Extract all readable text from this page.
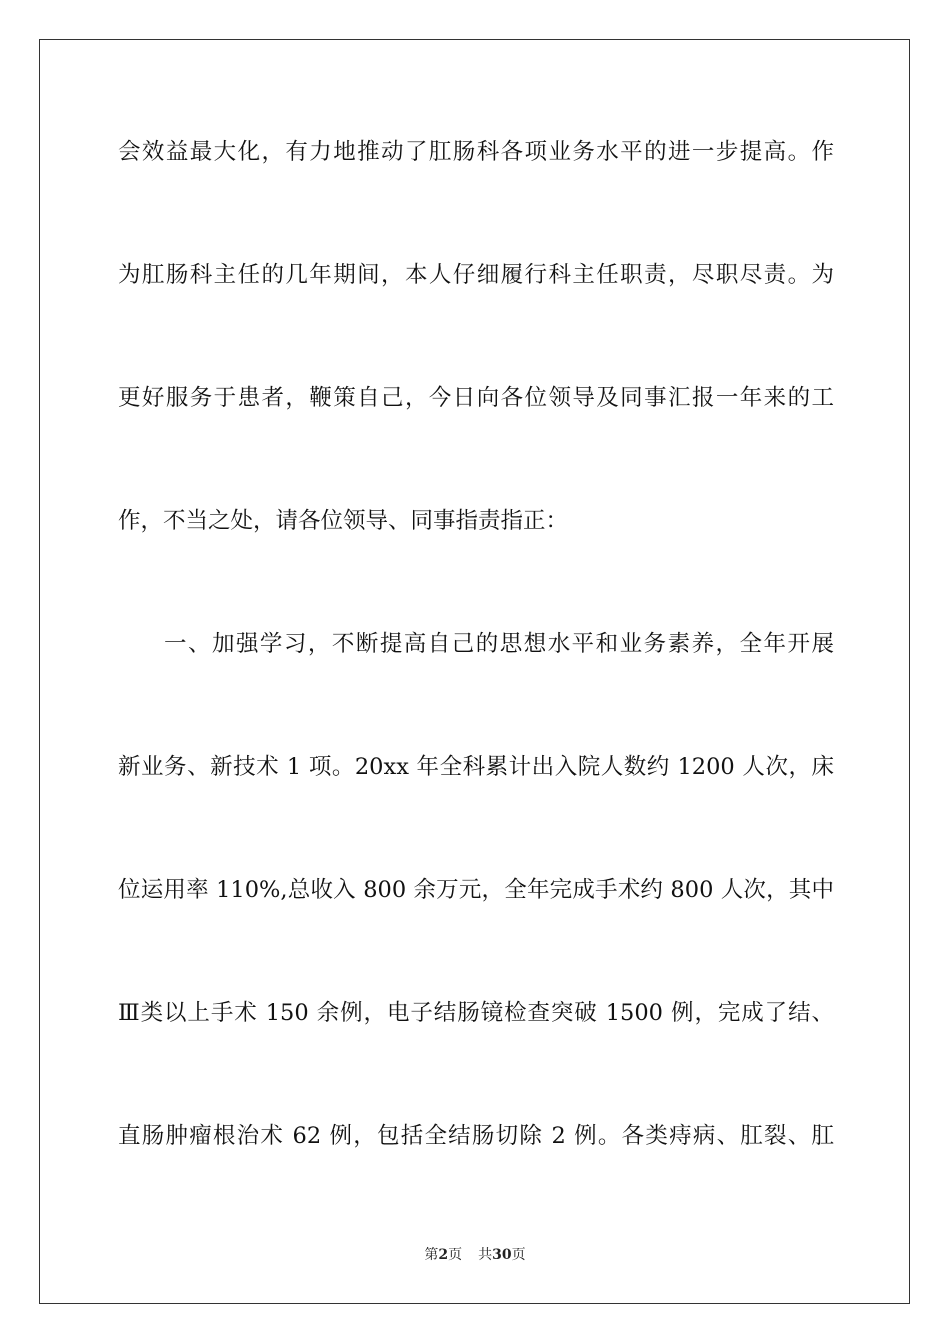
会效益最大化，有力地推动了肛肠科各项业务水平的进一步提高。作
为肛肠科主任的几年期间，本人仔细履行科主任职责，尽职尽责。为
更好服务于患者，鞭策自己，今日向各位领导及同事汇报一年来的工
作，不当之处，请各位领导、同事指责指正：
一、加强学习，不断提高自己的思想水平和业务素养，全年开展
新业务、新技术 1 项。20xx 年全科累计出入院人数约 1200 人次，床
位运用率 110%,总收入 800 余万元，全年完成手术约 800 人次，其中
Ⅲ类以上手术 150 余例，电子结肠镜检查突破 1500 例，完成了结、
直肠肿瘤根治术 62 例，包括全结肠切除 2 例。各类痔病、肛裂、肛
第2页 共30页
